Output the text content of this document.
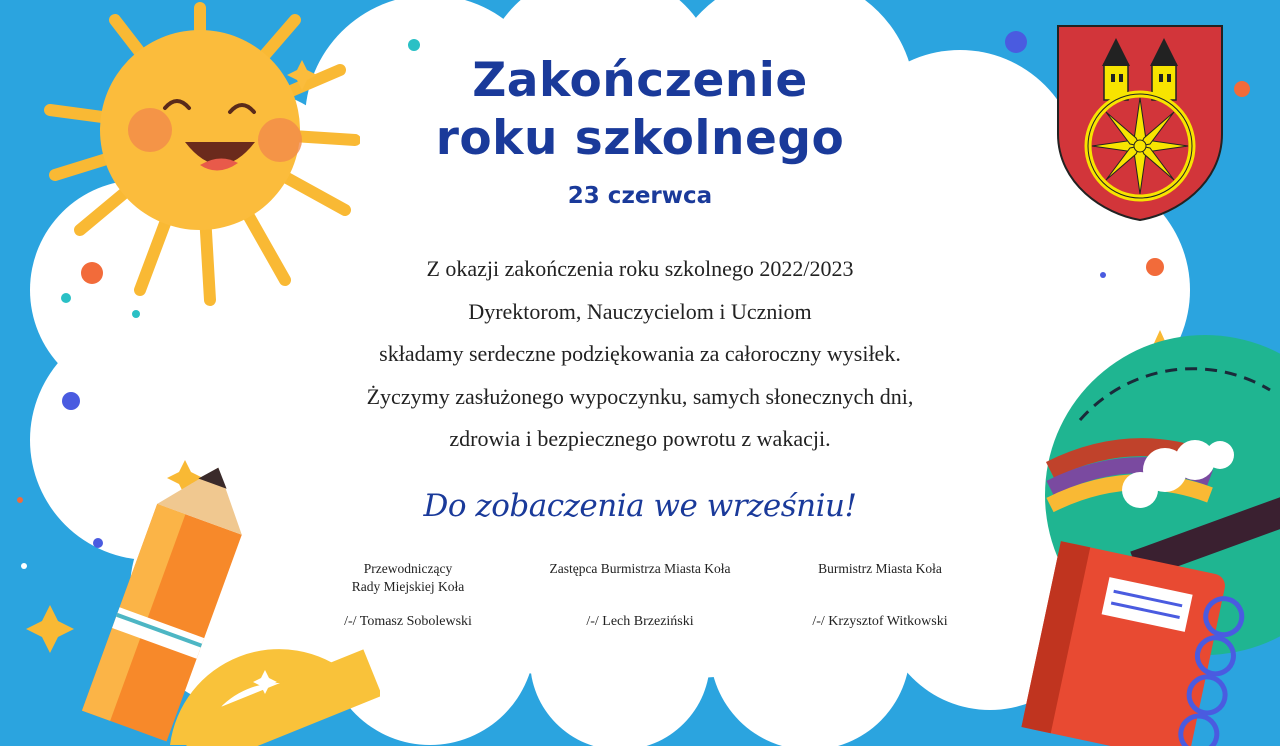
Zakończenie
roku szkolnego
23 czerwca
Z okazji zakończenia roku szkolnego 2022/2023
Dyrektorom, Nauczycielom i Uczniom
składamy serdeczne podziękowania za całoroczny wysiłek.
Życzymy zasłużonego wypoczynku, samych słonecznych dni,
zdrowia i bezpiecznego powrotu z wakacji.
Do zobaczenia we wrześniu!
Przewodniczący
Rady Miejskiej Koła
/-/ Tomasz Sobolewski
Zastępca Burmistrza Miasta Koła
/-/ Lech Brzeziński
Burmistrz Miasta Koła
/-/ Krzysztof Witkowski
